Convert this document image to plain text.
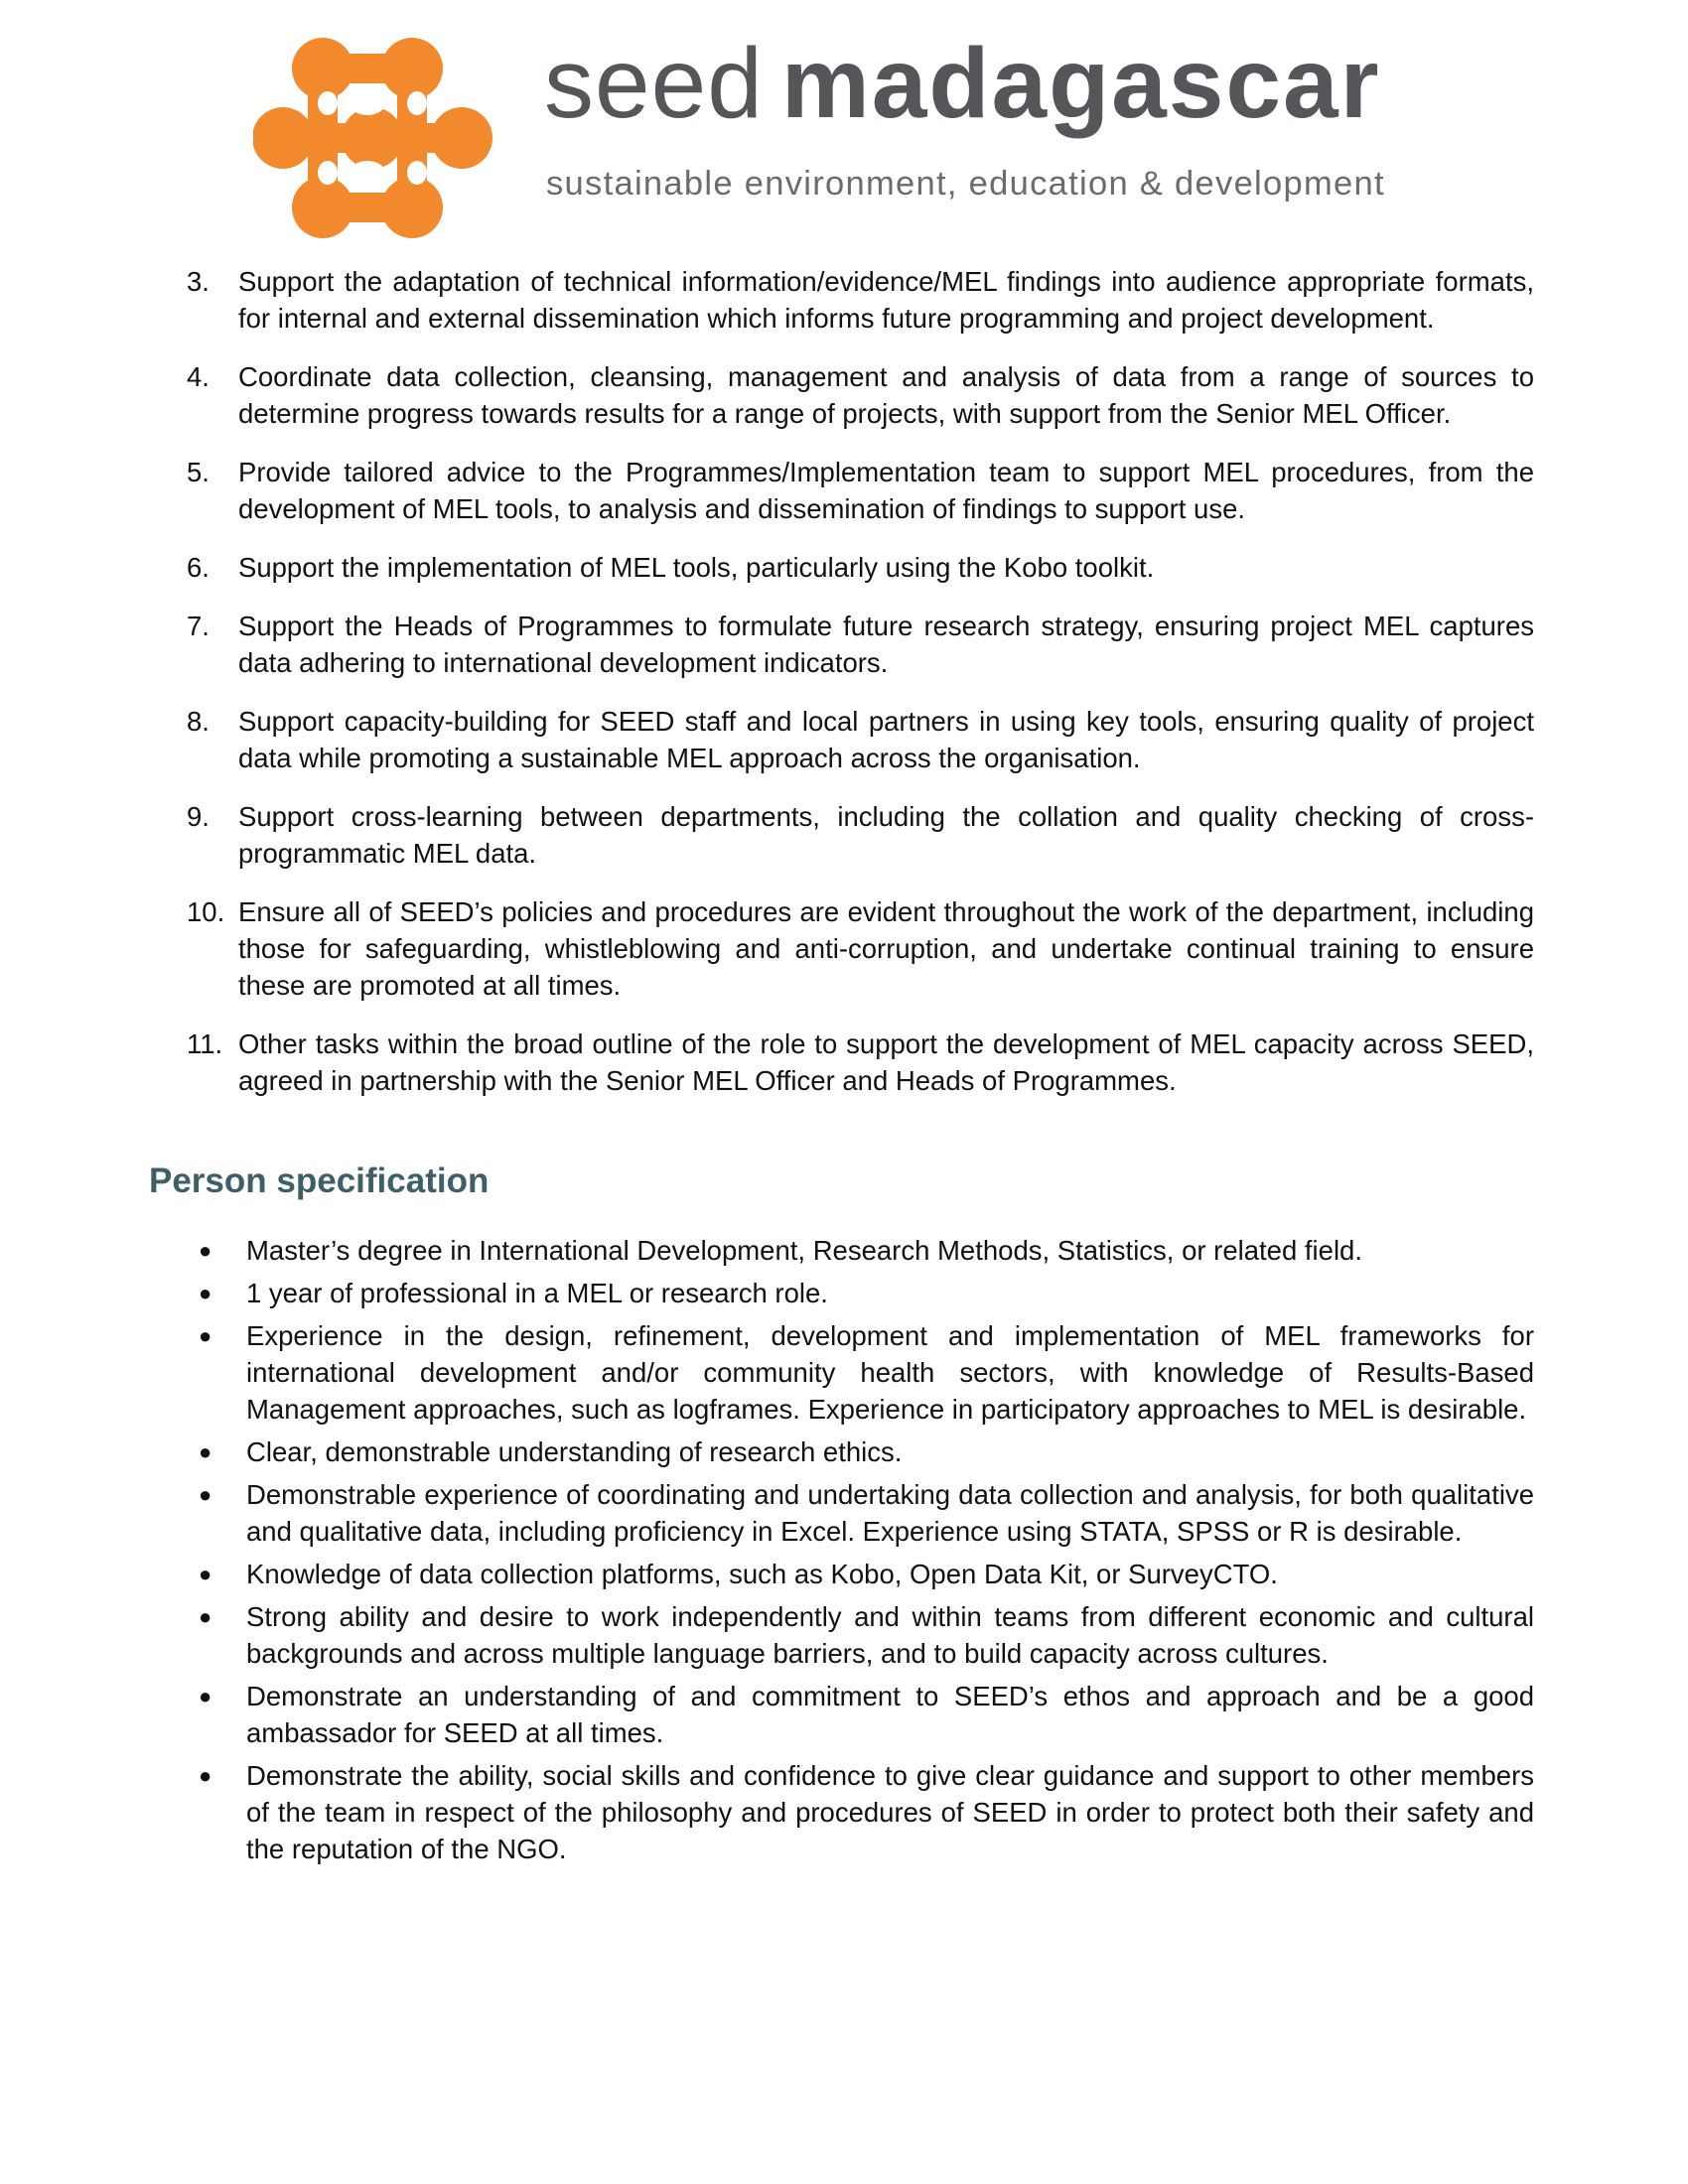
seed madagascar
sustainable environment, education & development
3. Support the adaptation of technical information/evidence/MEL findings into audience appropriate formats, for internal and external dissemination which informs future programming and project development.
4. Coordinate data collection, cleansing, management and analysis of data from a range of sources to determine progress towards results for a range of projects, with support from the Senior MEL Officer.
5. Provide tailored advice to the Programmes/Implementation team to support MEL procedures, from the development of MEL tools, to analysis and dissemination of findings to support use.
6. Support the implementation of MEL tools, particularly using the Kobo toolkit.
7. Support the Heads of Programmes to formulate future research strategy, ensuring project MEL captures data adhering to international development indicators.
8. Support capacity-building for SEED staff and local partners in using key tools, ensuring quality of project data while promoting a sustainable MEL approach across the organisation.
9. Support cross-learning between departments, including the collation and quality checking of cross-programmatic MEL data.
10. Ensure all of SEED’s policies and procedures are evident throughout the work of the department, including those for safeguarding, whistleblowing and anti-corruption, and undertake continual training to ensure these are promoted at all times.
11. Other tasks within the broad outline of the role to support the development of MEL capacity across SEED, agreed in partnership with the Senior MEL Officer and Heads of Programmes.
Person specification
● Master’s degree in International Development, Research Methods, Statistics, or related field.
● 1 year of professional in a MEL or research role.
● Experience in the design, refinement, development and implementation of MEL frameworks for international development and/or community health sectors, with knowledge of Results-Based Management approaches, such as logframes. Experience in participatory approaches to MEL is desirable.
● Clear, demonstrable understanding of research ethics.
● Demonstrable experience of coordinating and undertaking data collection and analysis, for both qualitative and qualitative data, including proficiency in Excel. Experience using STATA, SPSS or R is desirable.
● Knowledge of data collection platforms, such as Kobo, Open Data Kit, or SurveyCTO.
● Strong ability and desire to work independently and within teams from different economic and cultural backgrounds and across multiple language barriers, and to build capacity across cultures.
● Demonstrate an understanding of and commitment to SEED’s ethos and approach and be a good ambassador for SEED at all times.
● Demonstrate the ability, social skills and confidence to give clear guidance and support to other members of the team in respect of the philosophy and procedures of SEED in order to protect both their safety and the reputation of the NGO.
